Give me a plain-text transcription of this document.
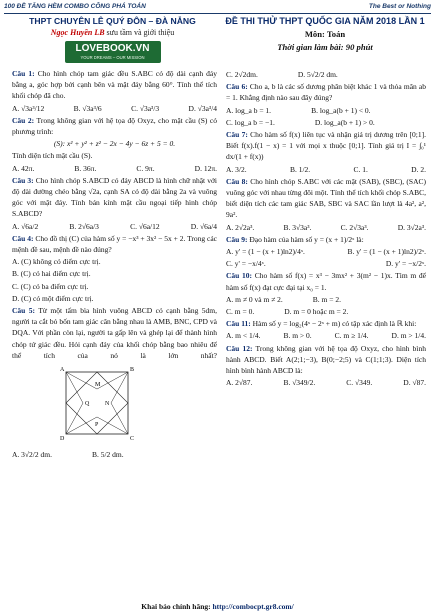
100 ĐỀ TĂNG HÈM COMBO CÔNG PHÁ TOÁN	The Best or Nothing
THPT CHUYÊN LÊ QUÝ ĐÔN – ĐÀ NẴNG
Ngọc Huyền LB sưu tầm và giới thiệu
LOVEBOOK.VN
YOUR DREAMS – OUR MISSION
ĐỀ THI THỬ THPT QUỐC GIA NĂM 2018 LẦN 1
Môn: Toán
Thời gian làm bài: 90 phút
Câu 1: Cho hình chóp tam giác đều S.ABC có độ dài cạnh đáy bằng a, góc hợp bởi cạnh bên và mặt đáy bằng 60°. Tính thể tích khối chóp đã cho.
A. √3a³/12	B. √3a³/6	C. √3a³/3	D. √3a³/4
Câu 2: Trong không gian với hệ tọa độ Oxyz, cho mặt cầu (S) có phương trình:
(S): x² + y² + z² − 2x − 4y − 6z + 5 = 0.
Tính diện tích mặt cầu (S).
A. 42π.	B. 36π.	C. 9π.	D. 12π.
Câu 3: Cho hình chóp S.ABCD có đáy ABCD là hình chữ nhật với độ dài đường chéo bằng √2a, cạnh SA có độ dài bằng 2a và vuông góc với mặt đáy. Tính bán kính mặt cầu ngoại tiếp hình chóp S.ABCD?
A. √6a/2	B. 2√6a/3	C. √6a/12	D. √6a/4
Câu 4: Cho đồ thị (C) của hàm số y = −x³ + 3x² − 5x + 2. Trong các mệnh đề sau, mệnh đề nào đúng?
A. (C) không có điểm cực trị.
B. (C) có hai điểm cực trị.
C. (C) có ba điểm cực trị.
D. (C) có một điểm cực trị.
Câu 5: Từ một tấm bìa hình vuông ABCD có cạnh bằng 5dm, người ta cắt bỏ bốn tam giác cân bằng nhau là AMB, BNC, CPD và DQA. Với phần còn lại, người ta gấp lên và ghép lại để thành hình chóp tứ giác đều. Hỏi cạnh đáy của khối chóp bằng bao nhiêu để thể tích của nó là lớn nhất?
A	B
C
D
M
N
P
Q
A. 3√2/2 dm.	B. 5/2 dm.
C. 2√2dm.	D. 5√2/2 dm.
Câu 6: Cho a, b là các số dương phân biệt khác 1 và thỏa mãn ab = 1. Khẳng định nào sau đây đúng?
A. log_a b = 1.	B. log_a(b + 1) < 0.
C. log_a b = −1.	D. log_a(b + 1) > 0.
Câu 7: Cho hàm số f(x) liên tục và nhận giá trị dương trên [0;1]. Biết f(x).f(1 − x) = 1 với mọi x thuộc [0;1]. Tính giá trị I = ∫₀¹ dx/(1 + f(x))
A. 3/2.	B. 1/2.	C. 1.	D. 2.
Câu 8: Cho hình chóp S.ABC với các mặt (SAB), (SBC), (SAC) vuông góc với nhau từng đôi một. Tính thể tích khối chóp S.ABC, biết diện tích các tam giác SAB, SBC và SAC lần lượt là 4a², a², 9a².
A. 2√2a³.	B. 3√3a³.	C. 2√3a³.	D. 3√2a³.
Câu 9: Đạo hàm của hàm số y = (x + 1)/2ˣ là:
A. y' = (1 − (x + 1)ln2)/4ˣ.	B. y' = (1 − (x + 1)ln2)/2ˣ.
C. y' = −x/4ˣ.	D. y' = −x/2ˣ.
Câu 10: Cho hàm số f(x) = x³ − 3mx² + 3(m² − 1)x. Tìm m để hàm số f(x) đạt cực đại tại x₀ = 1.
A. m ≠ 0 và m ≠ 2.	B. m = 2.
C. m = 0.	D. m = 0 hoặc m = 2.
Câu 11: Hàm số y = log₂(4ˣ − 2ˣ + m) có tập xác định là ℝ khi:
A. m < 1/4.	B. m > 0.	C. m ≥ 1/4.	D. m > 1/4.
Câu 12: Trong không gian với hệ tọa độ Oxyz, cho hình bình hành ABCD. Biết A(2;1;−3), B(0;−2;5) và C(1;1;3). Diện tích hình bình hành ABCD là:
A. 2√87.	B. √349/2.	C. √349.	D. √87.
Khai báo chính hãng: http://combocpt.gr8.com/
